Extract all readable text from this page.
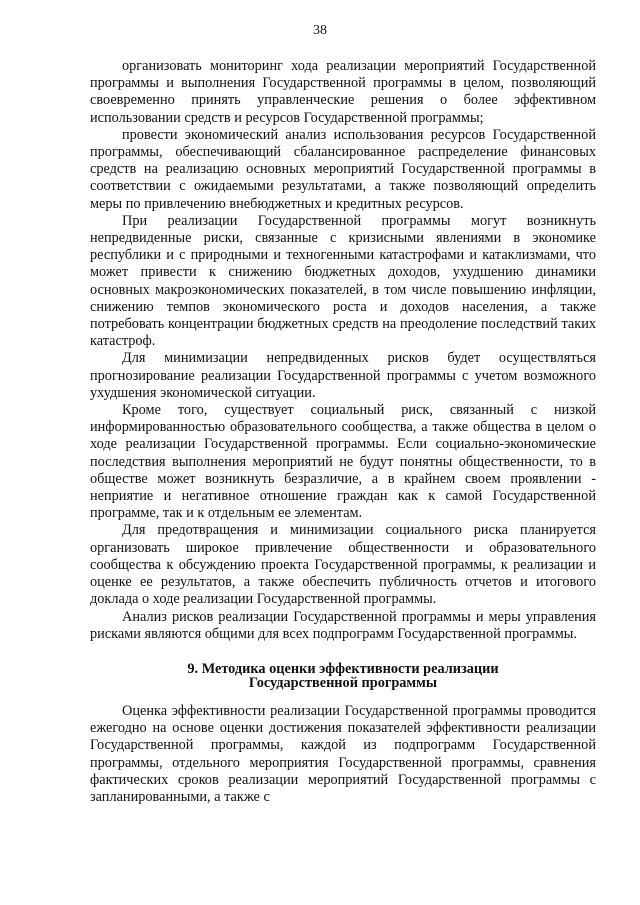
38

организовать мониторинг хода реализации мероприятий Государственной программы и выполнения Государственной программы в целом, позволяющий своевременно принять управленческие решения о более эффективном использовании средств и ресурсов Государственной программы;

провести экономический анализ использования ресурсов Государственной программы, обеспечивающий сбалансированное распределение финансовых средств на реализацию основных мероприятий Государственной программы в соответствии с ожидаемыми результатами, а также позволяющий определить меры по привлечению внебюджетных и кредитных ресурсов.

При реализации Государственной программы могут возникнуть непредвиденные риски, связанные с кризисными явлениями в экономике республики и с природными и техногенными катастрофами и катаклизмами, что может привести к снижению бюджетных доходов, ухудшению динамики основных макроэкономических показателей, в том числе повышению инфляции, снижению темпов экономического роста и доходов населения, а также потребовать концентрации бюджетных средств на преодоление последствий таких катастроф.

Для минимизации непредвиденных рисков будет осуществляться прогнозирование реализации Государственной программы с учетом возможного ухудшения экономической ситуации.

Кроме того, существует социальный риск, связанный с низкой информированностью образовательного сообщества, а также общества в целом о ходе реализации Государственной программы. Если социально-экономические последствия выполнения мероприятий не будут понятны общественности, то в обществе может возникнуть безразличие, а в крайнем своем проявлении - неприятие и негативное отношение граждан как к самой Государственной программе, так и к отдельным ее элементам.

Для предотвращения и минимизации социального риска планируется организовать широкое привлечение общественности и образовательного сообщества к обсуждению проекта Государственной программы, к реализации и оценке ее результатов, а также обеспечить публичность отчетов и итогового доклада о ходе реализации Государственной программы.

Анализ рисков реализации Государственной программы и меры управления рисками являются общими для всех подпрограмм Государственной программы.

9. Методика оценки эффективности реализации
Государственной программы

Оценка эффективности реализации Государственной программы проводится ежегодно на основе оценки достижения показателей эффективности реализации Государственной программы, каждой из подпрограмм Государственной программы, отдельного мероприятия Государственной программы, сравнения фактических сроков реализации мероприятий Государственной программы с запланированными, а также с
